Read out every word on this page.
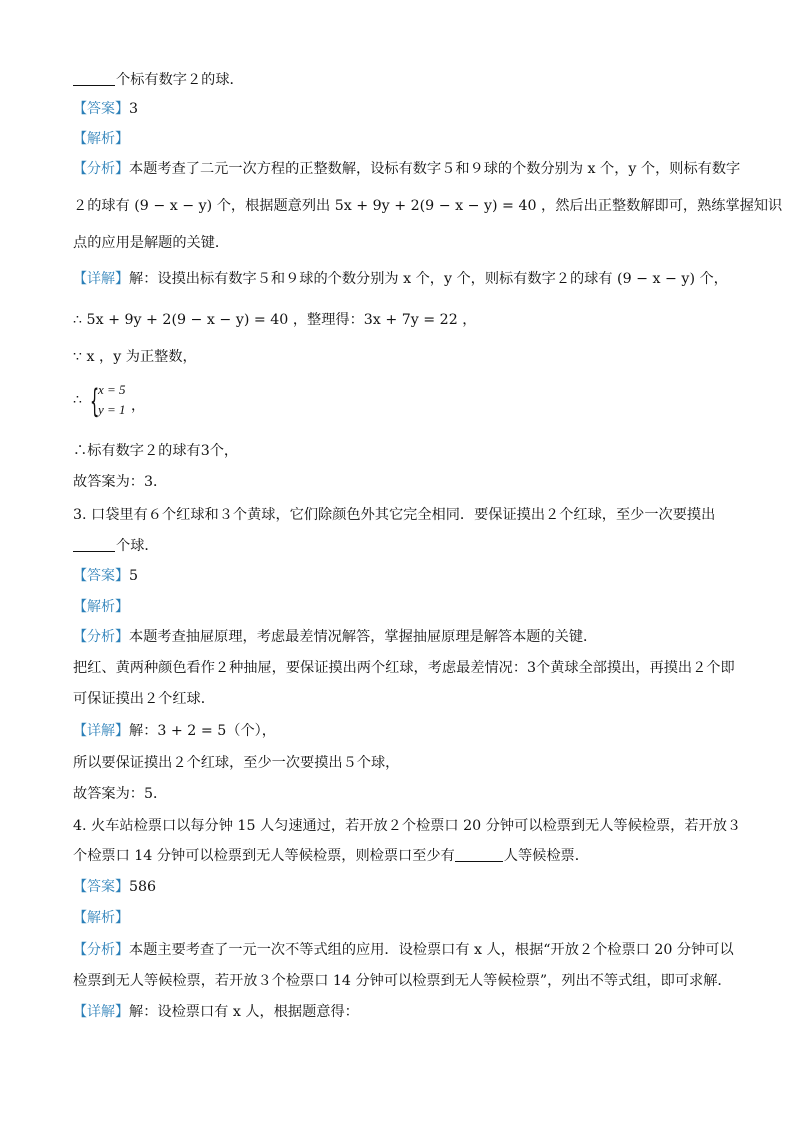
个标有数字２的球．
【答案】3
【解析】
【分析】本题考查了二元一次方程的正整数解，设标有数字５和９球的个数分别为 x 个，y 个，则标有数字
２的球有 (9 − x − y) 个，根据题意列出 5x + 9y + 2(9 − x − y) = 40 ，然后出正整数解即可，熟练掌握知识
点的应用是解题的关键．
【详解】解：设摸出标有数字５和９球的个数分别为 x 个，y 个，则标有数字２的球有 (9 − x − y) 个，
∴ 5x + 9y + 2(9 − x − y) = 40 ，整理得：3x + 7y = 22 ，
∵ x ，y 为正整数，
∴ {
x = 5
y = 1 ，
∴标有数字２的球有3个，
故答案为：3．
3. 口袋里有６个红球和３个黄球，它们除颜色外其它完全相同．要保证摸出２个红球，至少一次要摸出
个球．
【答案】5
【解析】
【分析】本题考查抽屉原理，考虑最差情况解答，掌握抽屉原理是解答本题的关键．
把红、黄两种颜色看作２种抽屉，要保证摸出两个红球，考虑最差情况：3个黄球全部摸出，再摸出２个即
可保证摸出２个红球．
【详解】解：3 + 2 = 5（个），
所以要保证摸出２个红球，至少一次要摸出５个球，
故答案为：5．
4. 火车站检票口以每分钟 15 人匀速通过，若开放２个检票口 20 分钟可以检票到无人等候检票，若开放３
个检票口 14 分钟可以检票到无人等候检票，则检票口至少有	人等候检票．
【答案】586
【解析】
【分析】本题主要考查了一元一次不等式组的应用．设检票口有 x 人，根据“开放２个检票口 20 分钟可以
检票到无人等候检票，若开放３个检票口 14 分钟可以检票到无人等候检票”，列出不等式组，即可求解．
【详解】解：设检票口有 x 人，根据题意得：
